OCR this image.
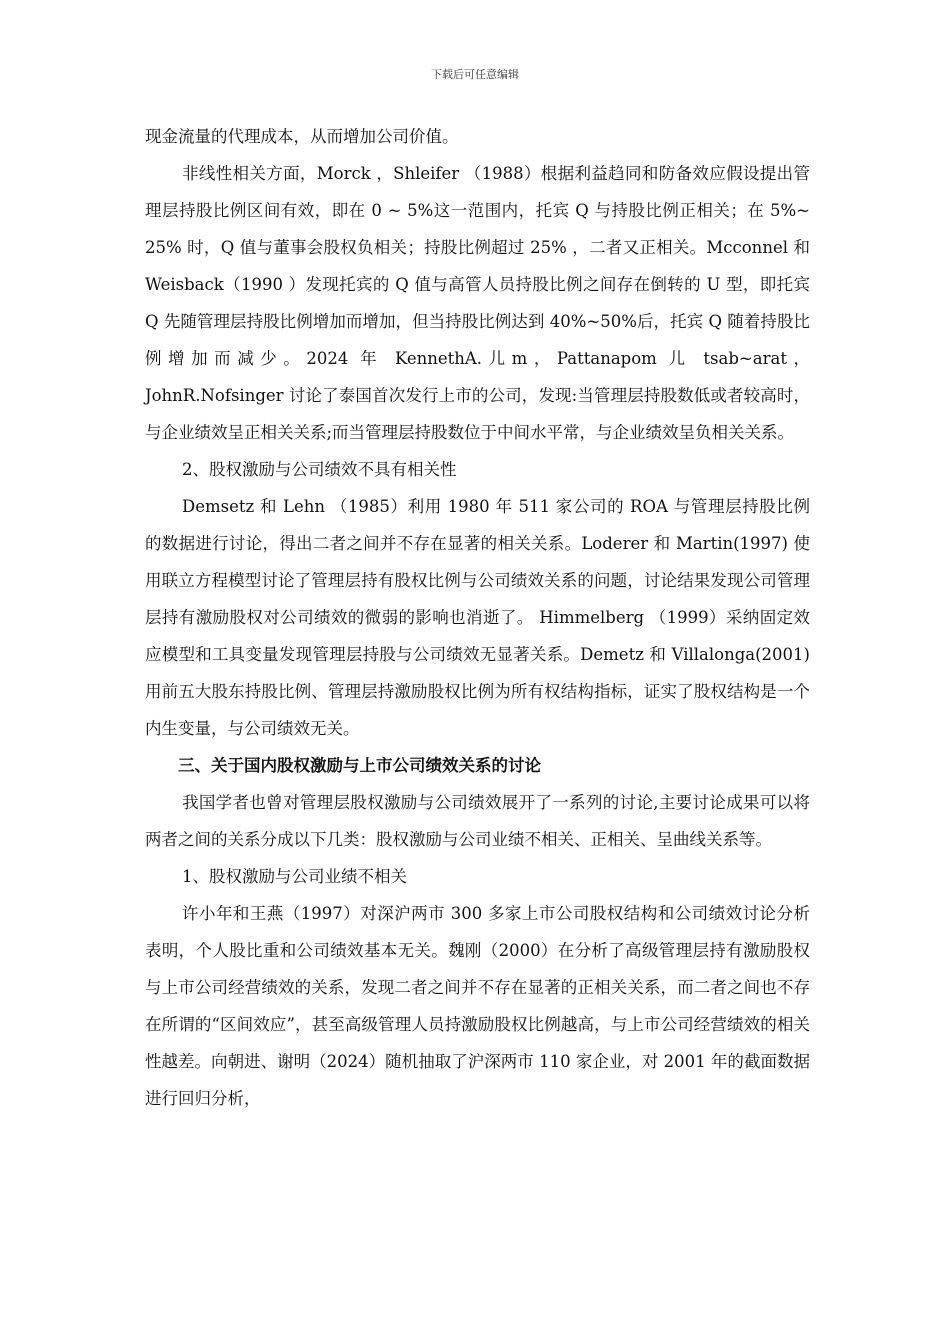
下载后可任意编辑

现金流量的代理成本，从而增加公司价值。

非线性相关方面，Morck ，Shleifer （1988）根据利益趋同和防备效应假设提出管理层持股比例区间有效，即在 0 ~ 5%这一范围内，托宾 Q 与持股比例正相关；在 5%~ 25% 时，Q 值与董事会股权负相关；持股比例超过 25% ，二者又正相关。Mcconnel 和 Weisback（1990 ）发现托宾的 Q 值与高管人员持股比例之间存在倒转的 U 型，即托宾 Q 先随管理层持股比例增加而增加，但当持股比例达到 40%~50%后，托宾 Q 随着持股比例增加而减少。2024 年 KennethA.儿m，Pattanapom 儿 tsab~arat， JohnR.Nofsinger 讨论了泰国首次发行上市的公司，发现:当管理层持股数低或者较高时，与企业绩效呈正相关关系;而当管理层持股数位于中间水平常，与企业绩效呈负相关关系。

2、股权激励与公司绩效不具有相关性

Demsetz 和 Lehn （1985）利用 1980 年 511 家公司的 ROA 与管理层持股比例的数据进行讨论，得出二者之间并不存在显著的相关关系。Loderer 和 Martin(1997) 使用联立方程模型讨论了管理层持有股权比例与公司绩效关系的问题，讨论结果发现公司管理层持有激励股权对公司绩效的微弱的影响也消逝了。 Himmelberg （1999）采纳固定效应模型和工具变量发现管理层持股与公司绩效无显著关系。Demetz 和 Villalonga(2001)用前五大股东持股比例、管理层持激励股权比例为所有权结构指标，证实了股权结构是一个内生变量，与公司绩效无关。

三、关于国内股权激励与上市公司绩效关系的讨论

我国学者也曾对管理层股权激励与公司绩效展开了一系列的讨论,主要讨论成果可以将两者之间的关系分成以下几类：股权激励与公司业绩不相关、正相关、呈曲线关系等。

1、股权激励与公司业绩不相关

许小年和王燕（1997）对深沪两市 300 多家上市公司股权结构和公司绩效讨论分析表明，个人股比重和公司绩效基本无关。魏刚（2000）在分析了高级管理层持有激励股权与上市公司经营绩效的关系，发现二者之间并不存在显著的正相关关系，而二者之间也不存在所谓的“区间效应”，甚至高级管理人员持激励股权比例越高，与上市公司经营绩效的相关性越差。向朝进、谢明（2024）随机抽取了沪深两市 110 家企业，对 2001 年的截面数据进行回归分析，
